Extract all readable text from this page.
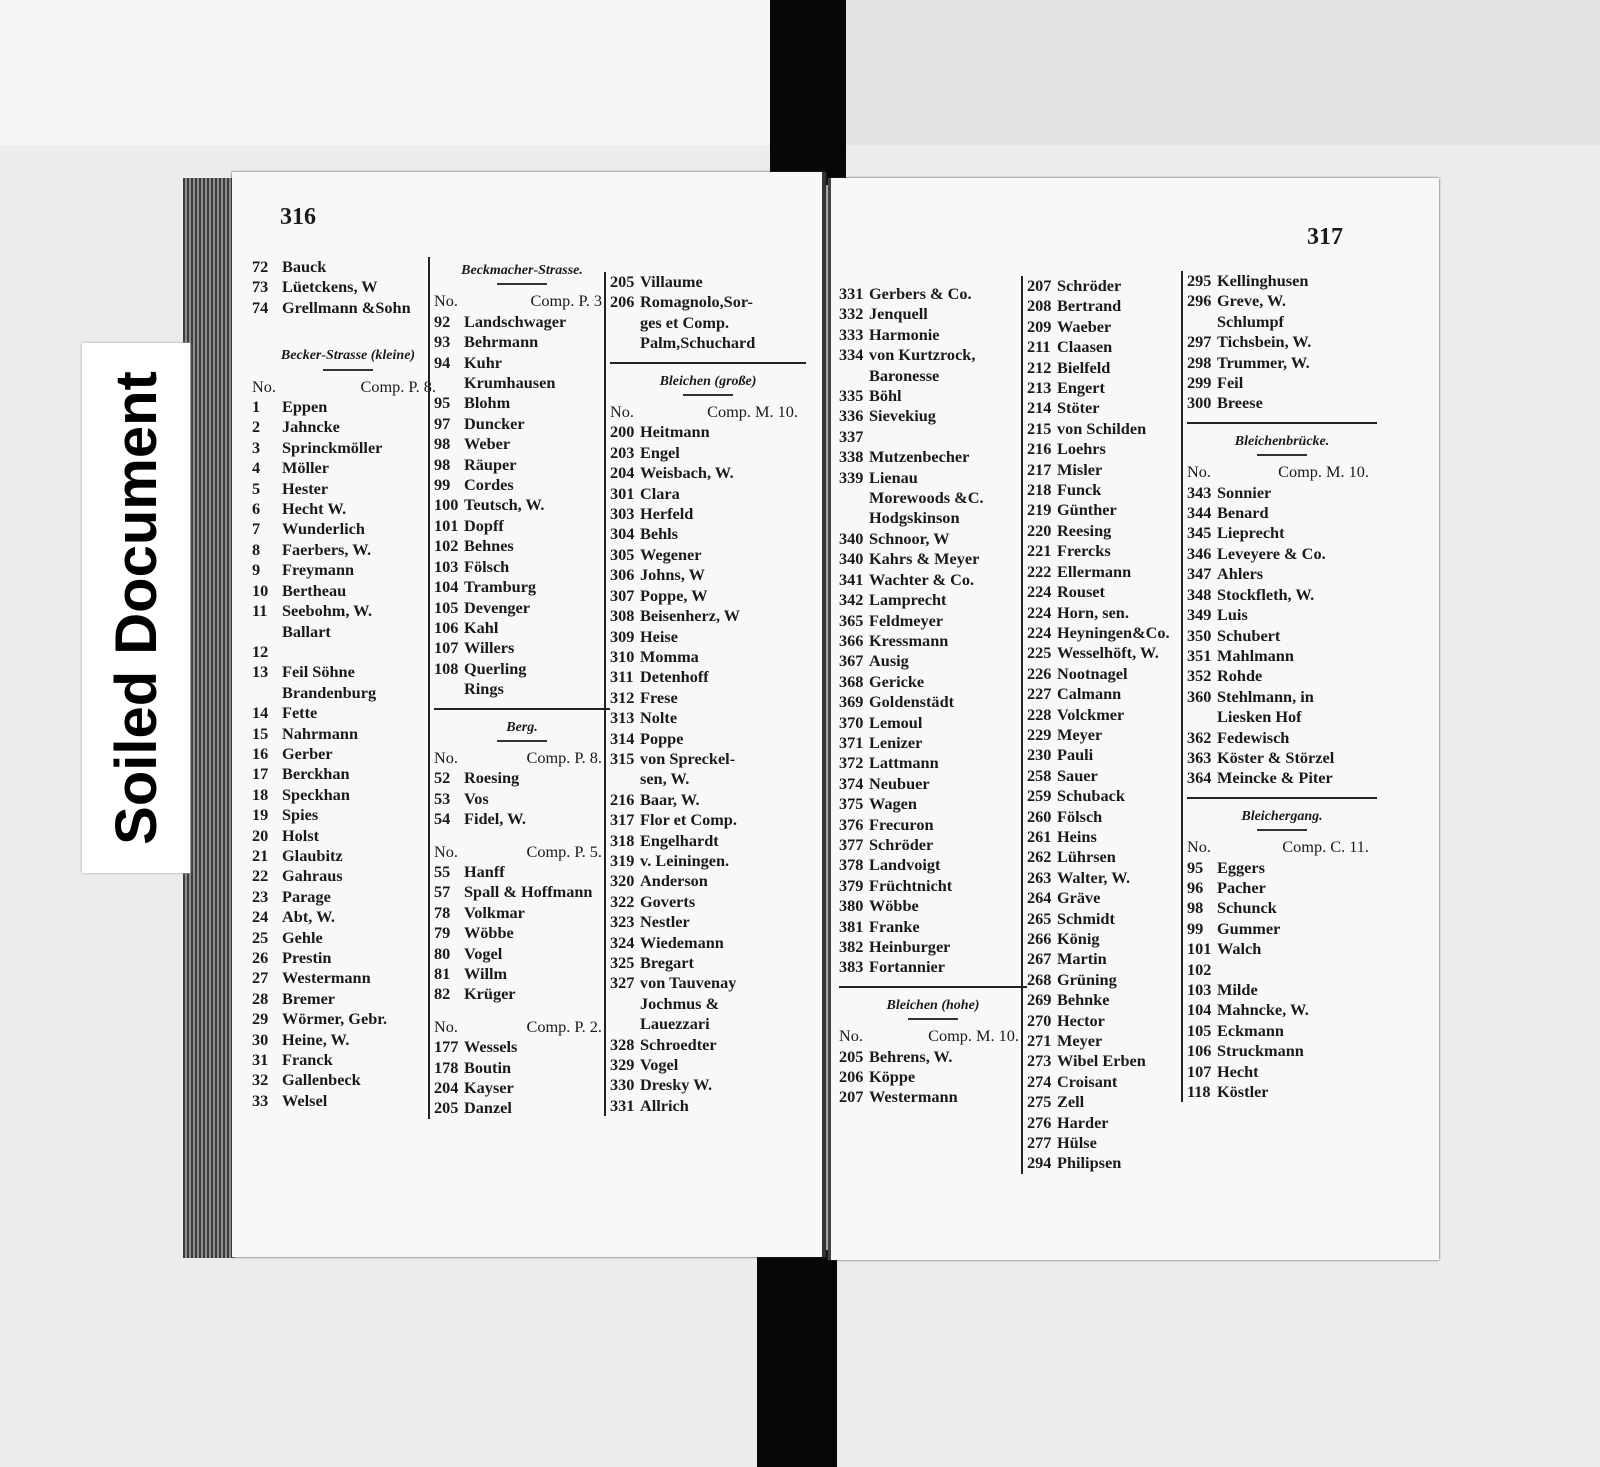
316
72 Bauck
73 Lüetckens, W
74 Grellmann &Sohn
Becker-Strasse (kleine)
No.	Comp. P. 8.
1	Eppen
2	Jahncke
3	Sprinckmöller
4	Möller
5	Hester
6	Hecht W.
7	Wunderlich
8	Faerbers, W.
9	Freymann
10 Bertheau
11 Seebohm, W.
Ballart
12
13 Feil Söhne
Brandenburg
14 Fette
15 Nahrmann
16 Gerber
17 Berckhan
18 Speckhan
19 Spies
20 Holst
21 Glaubitz
22 Gahraus
23 Parage
24 Abt, W.
25 Gehle
26 Prestin
27 Westermann
28 Bremer
29 Wörmer, Gebr.
30 Heine, W.
31 Franck
32 Gallenbeck
33 Welsel
Beckmacher-Strasse.
No.	Comp. P. 3
92 Landschwager
93 Behrmann
94 Kuhr
Krumhausen
95 Blohm
97 Duncker
98 Weber
98 Räuper
99 Cordes
100 Teutsch, W.
101 Dopff
102 Behnes
103 Fölsch
104 Tramburg
105 Devenger
106 Kahl
107 Willers
108 Querling
Rings
Berg.
No.	Comp. P. 8.
52 Roesing
53 Vos
54 Fidel, W.
No.	Comp. P. 5.
55 Hanff
57 Spall & Hoffmann
78 Volkmar
79 Wöbbe
80 Vogel
81 Willm
82 Krüger
No.	Comp. P. 2.
177 Wessels
178 Boutin
204 Kayser
205 Danzel
205 Villaume
206 Romagnolo,Sor-
ges et Comp.
Palm,Schuchard
Bleichen (große)
No.	Comp. M. 10.
200 Heitmann
203 Engel
204 Weisbach, W.
301 Clara
303 Herfeld
304 Behls
305 Wegener
306 Johns, W
307 Poppe, W
308 Beisenherz, W
309 Heise
310 Momma
311 Detenhoff
312 Frese
313 Nolte
314 Poppe
315 von Spreckel-
sen, W.
216 Baar, W.
317 Flor et Comp.
318 Engelhardt
319 v. Leiningen.
320 Anderson
322 Goverts
323 Nestler
324 Wiedemann
325 Bregart
327 von Tauvenay
Jochmus &
Lauezzari
328 Schroedter
329 Vogel
330 Dresky W.
331 Allrich
317
331 Gerbers & Co.
332 Jenquell
333 Harmonie
334 von Kurtzrock,
Baronesse
335 Böhl
336 Sievekiug
337
338 Mutzenbecher
339 Lienau
Morewoods &C.
Hodgskinson
340 Schnoor, W
340 Kahrs & Meyer
341 Wachter & Co.
342 Lamprecht
365 Feldmeyer
366 Kressmann
367 Ausig
368 Gericke
369 Goldenstädt
370 Lemoul
371 Lenizer
372 Lattmann
374 Neubuer
375 Wagen
376 Frecuron
377 Schröder
378 Landvoigt
379 Früchtnicht
380 Wöbbe
381 Franke
382 Heinburger
383 Fortannier
Bleichen (hohe)
No.	Comp. M. 10.
205 Behrens, W.
206 Köppe
207 Westermann
207 Schröder
208 Bertrand
209 Waeber
211 Claasen
212 Bielfeld
213 Engert
214 Stöter
215 von Schilden
216 Loehrs
217 Misler
218 Funck
219 Günther
220 Reesing
221 Frercks
222 Ellermann
224 Rouset
224 Horn, sen.
224 Heyningen&Co.
225 Wesselhöft, W.
226 Nootnagel
227 Calmann
228 Volckmer
229 Meyer
230 Pauli
258 Sauer
259 Schuback
260 Fölsch
261 Heins
262 Lührsen
263 Walter, W.
264 Gräve
265 Schmidt
266 König
267 Martin
268 Grüning
269 Behnke
270 Hector
271 Meyer
273 Wibel Erben
274 Croisant
275 Zell
276 Harder
277 Hülse
294 Philipsen
295 Kellinghusen
296 Greve, W.
Schlumpf
297 Tichsbein, W.
298 Trummer, W.
299 Feil
300 Breese
Bleichenbrücke.
No.	Comp. M. 10.
343 Sonnier
344 Benard
345 Lieprecht
346 Leveyere & Co.
347 Ahlers
348 Stockfleth, W.
349 Luis
350 Schubert
351 Mahlmann
352 Rohde
360 Stehlmann, in
Liesken Hof
362 Fedewisch
363 Köster & Störzel
364 Meincke & Piter
Bleichergang.
No.	Comp. C. 11.
95 Eggers
96 Pacher
98 Schunck
99 Gummer
101 Walch
102
103 Milde
104 Mahncke, W.
105 Eckmann
106 Struckmann
107 Hecht
118 Köstler
Soiled Document
